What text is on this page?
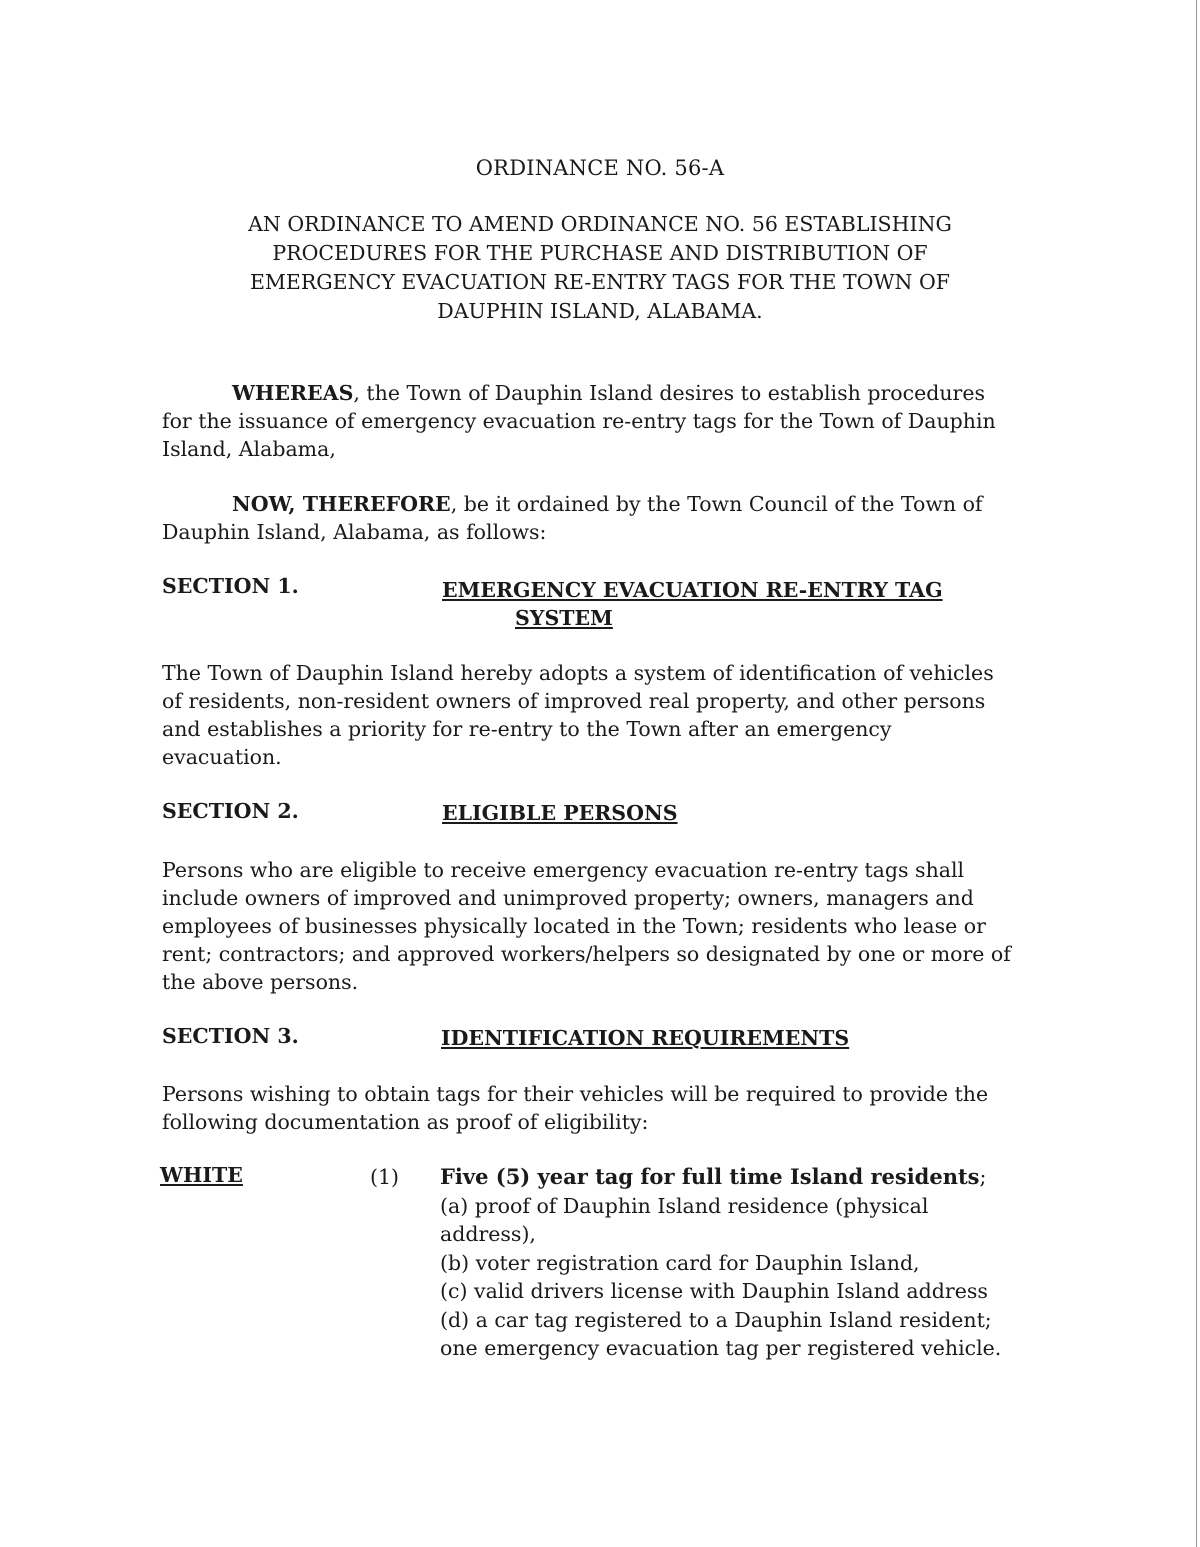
ORDINANCE NO. 56-A
AN ORDINANCE TO AMEND ORDINANCE NO. 56 ESTABLISHING
PROCEDURES FOR THE PURCHASE AND DISTRIBUTION OF
EMERGENCY EVACUATION RE-ENTRY TAGS FOR THE TOWN OF
DAUPHIN ISLAND, ALABAMA.
WHEREAS, the Town of Dauphin Island desires to establish procedures
for the issuance of emergency evacuation re-entry tags for the Town of Dauphin
Island, Alabama,
NOW, THEREFORE, be it ordained by the Town Council of the Town of
Dauphin Island, Alabama, as follows:
SECTION 1.	EMERGENCY EVACUATION RE-ENTRY TAG
SYSTEM
The Town of Dauphin Island hereby adopts a system of identification of vehicles
of residents, non-resident owners of improved real property, and other persons
and establishes a priority for re-entry to the Town after an emergency
evacuation.
SECTION 2.	ELIGIBLE PERSONS
Persons who are eligible to receive emergency evacuation re-entry tags shall
include owners of improved and unimproved property; owners, managers and
employees of businesses physically located in the Town; residents who lease or
rent; contractors; and approved workers/helpers so designated by one or more of
the above persons.
SECTION 3.	IDENTIFICATION REQUIREMENTS
Persons wishing to obtain tags for their vehicles will be required to provide the
following documentation as proof of eligibility:
WHITE	(1) Five (5) year tag for full time Island residents;
(a) proof of Dauphin Island residence (physical
address),
(b) voter registration card for Dauphin Island,
(c) valid drivers license with Dauphin Island address
(d) a car tag registered to a Dauphin Island resident;
one emergency evacuation tag per registered vehicle.
